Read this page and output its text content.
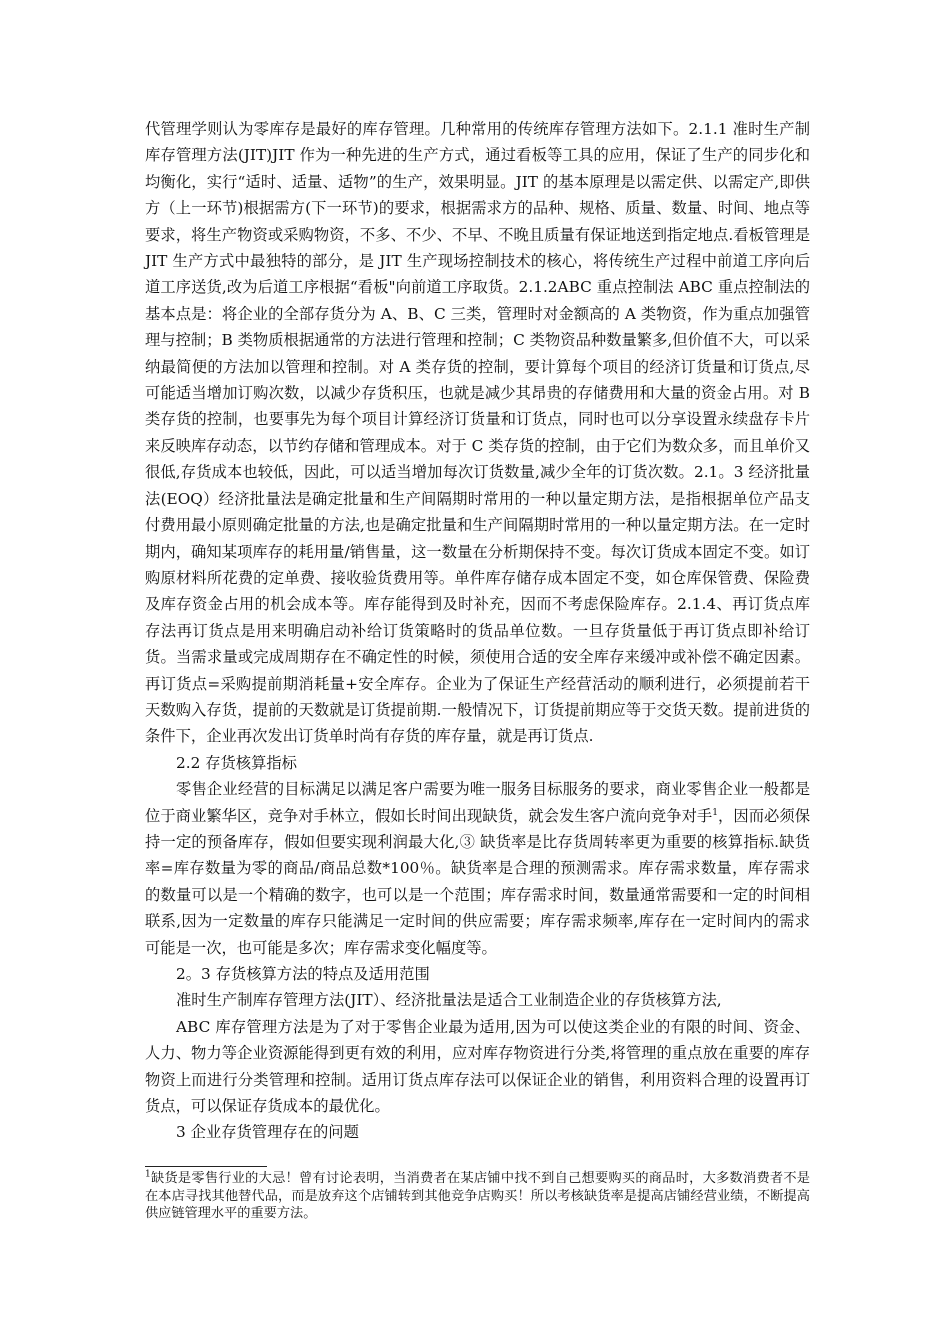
代管理学则认为零库存是最好的库存管理。几种常用的传统库存管理方法如下。2.1.1 准时生产制库存管理方法(JIT)JIT 作为一种先进的生产方式，通过看板等工具的应用，保证了生产的同步化和均衡化，实行“适时、适量、适物”的生产，效果明显。JIT 的基本原理是以需定供、以需定产,即供方（上一环节)根据需方(下一环节)的要求，根据需求方的品种、规格、质量、数量、时间、地点等要求，将生产物资或采购物资，不多、不少、不早、不晚且质量有保证地送到指定地点.看板管理是 JIT 生产方式中最独特的部分，是 JIT 生产现场控制技术的核心，将传统生产过程中前道工序向后道工序送货,改为后道工序根据“看板"向前道工序取货。2.1.2ABC 重点控制法 ABC 重点控制法的基本点是：将企业的全部存货分为 A、B、C 三类，管理时对金额高的 A 类物资，作为重点加强管理与控制；B 类物质根据通常的方法进行管理和控制；C 类物资品种数量繁多,但价值不大，可以采纳最简便的方法加以管理和控制。对 A 类存货的控制，要计算每个项目的经济订货量和订货点,尽可能适当增加订购次数，以减少存货积压，也就是减少其昂贵的存储费用和大量的资金占用。对 B 类存货的控制，也要事先为每个项目计算经济订货量和订货点，同时也可以分享设置永续盘存卡片来反映库存动态，以节约存储和管理成本。对于 C 类存货的控制，由于它们为数众多，而且单价又很低,存货成本也较低，因此，可以适当增加每次订货数量,减少全年的订货次数。2.1。3 经济批量法(EOQ）经济批量法是确定批量和生产间隔期时常用的一种以量定期方法，是指根据单位产品支付费用最小原则确定批量的方法,也是确定批量和生产间隔期时常用的一种以量定期方法。在一定时期内，确知某项库存的耗用量/销售量，这一数量在分析期保持不变。每次订货成本固定不变。如订购原材料所花费的定单费、接收验货费用等。单件库存储存成本固定不变，如仓库保管费、保险费及库存资金占用的机会成本等。库存能得到及时补充，因而不考虑保险库存。2.1.4、再订货点库存法再订货点是用来明确启动补给订货策略时的货品单位数。一旦存货量低于再订货点即补给订货。当需求量或完成周期存在不确定性的时候，须使用合适的安全库存来缓冲或补偿不确定因素。再订货点=采购提前期消耗量+安全库存。企业为了保证生产经营活动的顺利进行，必须提前若干天数购入存货，提前的天数就是订货提前期.一般情况下，订货提前期应等于交货天数。提前进货的条件下，企业再次发出订货单时尚有存货的库存量，就是再订货点.

2.2 存货核算指标

零售企业经营的目标满足以满足客户需要为唯一服务目标服务的要求，商业零售企业一般都是位于商业繁华区，竞争对手林立，假如长时间出现缺货，就会发生客户流向竞争对手$^1$，因而必须保持一定的预备库存，假如但要实现利润最大化,③ 缺货率是比存货周转率更为重要的核算指标.缺货率=库存数量为零的商品/商品总数*100％。缺货率是合理的预测需求。库存需求数量，库存需求的数量可以是一个精确的数字，也可以是一个范围；库存需求时间，数量通常需要和一定的时间相联系,因为一定数量的库存只能满足一定时间的供应需要；库存需求频率,库存在一定时间内的需求可能是一次，也可能是多次；库存需求变化幅度等。

2。3 存货核算方法的特点及适用范围

准时生产制库存管理方法(JIT）、经济批量法是适合工业制造企业的存货核算方法,

ABC 库存管理方法是为了对于零售企业最为适用,因为可以使这类企业的有限的时间、资金、人力、物力等企业资源能得到更有效的利用，应对库存物资进行分类,将管理的重点放在重要的库存物资上而进行分类管理和控制。适用订货点库存法可以保证企业的销售，利用资料合理的设置再订货点，可以保证存货成本的最优化。

3 企业存货管理存在的问题

$^1$缺货是零售行业的大忌！曾有讨论表明，当消费者在某店铺中找不到自己想要购买的商品时，大多数消费者不是在本店寻找其他替代品，而是放弃这个店铺转到其他竞争店购买！所以考核缺货率是提高店铺经营业绩，不断提高供应链管理水平的重要方法。
